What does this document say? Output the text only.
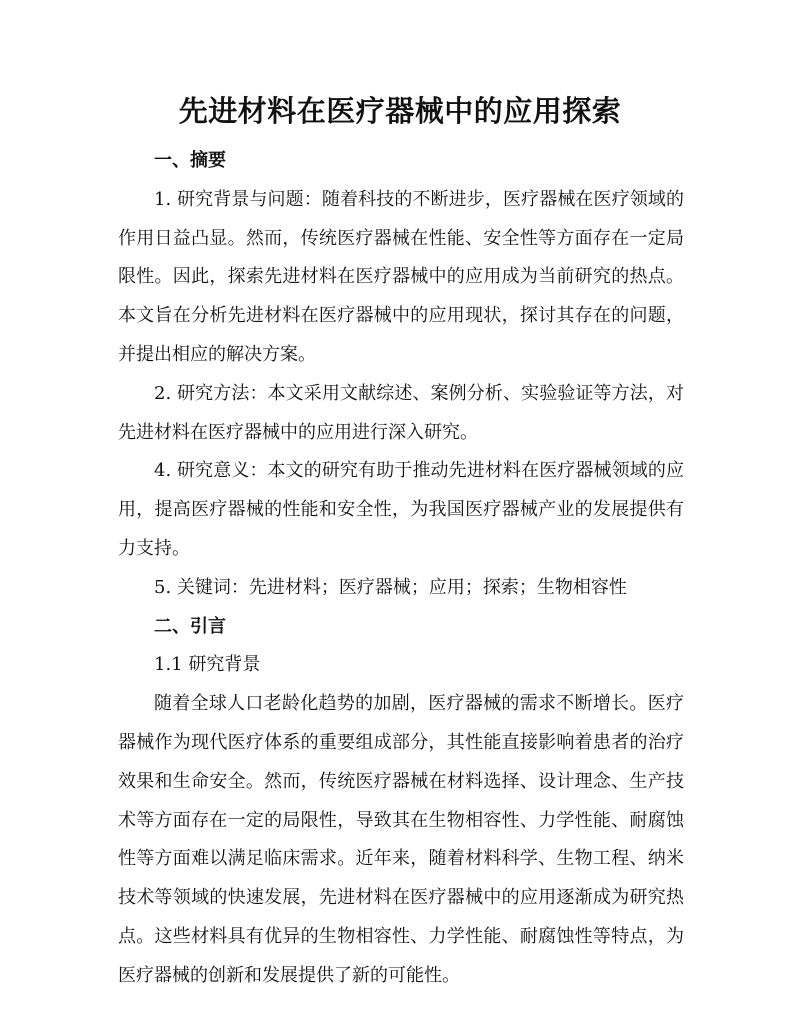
先进材料在医疗器械中的应用探索

一、摘要

1. 研究背景与问题：随着科技的不断进步，医疗器械在医疗领域的作用日益凸显。然而，传统医疗器械在性能、安全性等方面存在一定局限性。因此，探索先进材料在医疗器械中的应用成为当前研究的热点。本文旨在分析先进材料在医疗器械中的应用现状，探讨其存在的问题，并提出相应的解决方案。

2. 研究方法：本文采用文献综述、案例分析、实验验证等方法，对先进材料在医疗器械中的应用进行深入研究。

4. 研究意义：本文的研究有助于推动先进材料在医疗器械领域的应用，提高医疗器械的性能和安全性，为我国医疗器械产业的发展提供有力支持。

5. 关键词：先进材料；医疗器械；应用；探索；生物相容性

二、引言

1.1 研究背景

随着全球人口老龄化趋势的加剧，医疗器械的需求不断增长。医疗器械作为现代医疗体系的重要组成部分，其性能直接影响着患者的治疗效果和生命安全。然而，传统医疗器械在材料选择、设计理念、生产技术等方面存在一定的局限性，导致其在生物相容性、力学性能、耐腐蚀性等方面难以满足临床需求。近年来，随着材料科学、生物工程、纳米技术等领域的快速发展，先进材料在医疗器械中的应用逐渐成为研究热点。这些材料具有优异的生物相容性、力学性能、耐腐蚀性等特点，为医疗器械的创新和发展提供了新的可能性。
